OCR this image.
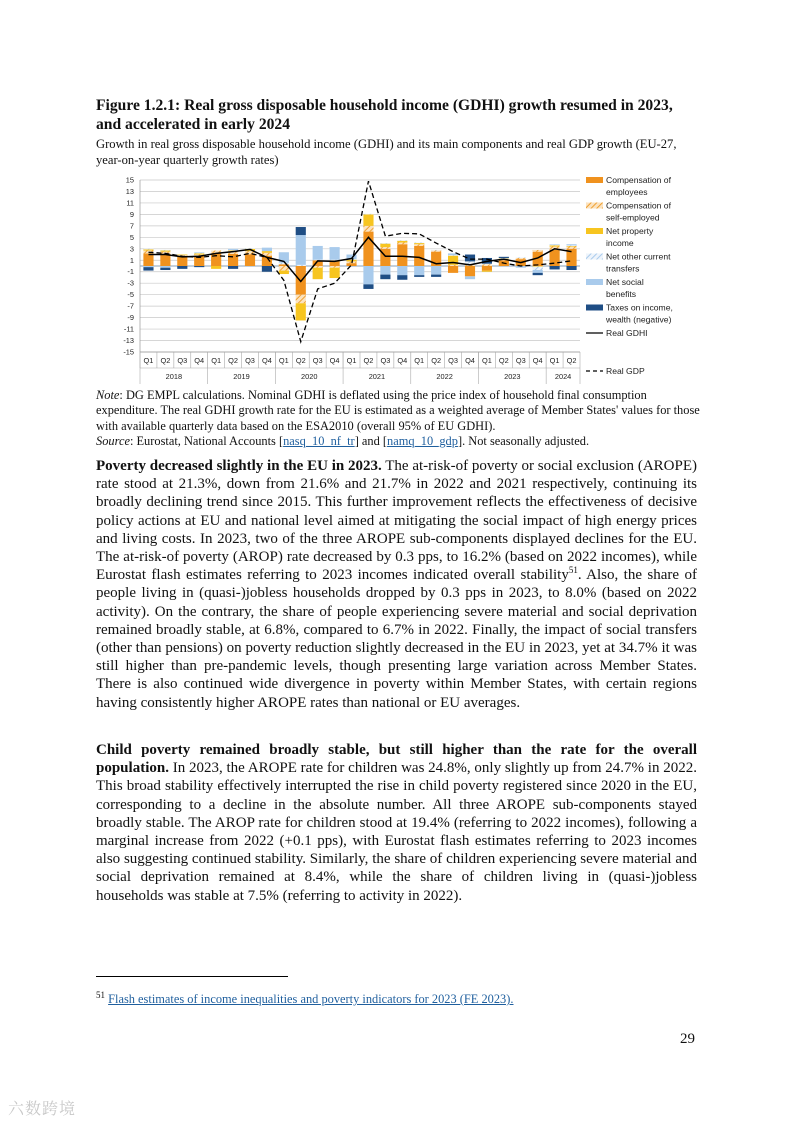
Figure 1.2.1: Real gross disposable household income (GDHI) growth resumed in 2023, and accelerated in early 2024
Growth in real gross disposable household income (GDHI) and its main components and real GDP growth (EU-27, year-on-year quarterly growth rates)
15
13
11
9
7
5
3
1
-1
-3
-5
-7
-9
-11
-13
-15
Q1 Q2 Q3 Q4 Q1 Q2 Q3 Q4 Q1 Q2 Q3 Q4 Q1 Q2 Q3 Q4 Q1 Q2 Q3 Q4 Q1 Q2 Q3 Q4 Q1 Q2
2018	2019	2020	2021	2022	2023	2024
Compensation of
employees
Compensation of
self-employed
Net property
income
Net other current
transfers
Net social
benefits
Taxes on income,
wealth (negative)
Real GDHI
Real GDP
Note: DG EMPL calculations. Nominal GDHI is deflated using the price index of household final consumption expenditure. The real GDHI growth rate for the EU is estimated as a weighted average of Member States' values for those with available quarterly data based on the ESA2010 (overall 95% of EU GDHI).
Source: Eurostat, National Accounts [nasq_10_nf_tr] and [namq_10_gdp]. Not seasonally adjusted.
Poverty decreased slightly in the EU in 2023. The at-risk-of poverty or social exclusion (AROPE) rate stood at 21.3%, down from 21.6% and 21.7% in 2022 and 2021 respectively, continuing its broadly declining trend since 2015. This further improvement reflects the effectiveness of decisive policy actions at EU and national level aimed at mitigating the social impact of high energy prices and living costs. In 2023, two of the three AROPE sub-components displayed declines for the EU. The at-risk-of poverty (AROP) rate decreased by 0.3 pps, to 16.2% (based on 2022 incomes), while Eurostat flash estimates referring to 2023 incomes indicated overall stability$^{51}$. Also, the share of people living in (quasi-)jobless households dropped by 0.3 pps in 2023, to 8.0% (based on 2022 activity). On the contrary, the share of people experiencing severe material and social deprivation remained broadly stable, at 6.8%, compared to 6.7% in 2022. Finally, the impact of social transfers (other than pensions) on poverty reduction slightly decreased in the EU in 2023, yet at 34.7% it was still higher than pre-pandemic levels, though presenting large variation across Member States. There is also continued wide divergence in poverty within Member States, with certain regions having consistently higher AROPE rates than national or EU averages.
Child poverty remained broadly stable, but still higher than the rate for the overall population. In 2023, the AROPE rate for children was 24.8%, only slightly up from 24.7% in 2022. This broad stability effectively interrupted the rise in child poverty registered since 2020 in the EU, corresponding to a decline in the absolute number. All three AROPE sub-components stayed broadly stable. The AROP rate for children stood at 19.4% (referring to 2022 incomes), following a marginal increase from 2022 (+0.1 pps), with Eurostat flash estimates referring to 2023 incomes also suggesting continued stability. Similarly, the share of children experiencing severe material and social deprivation remained at 8.4%, while the share of children living in (quasi-)jobless households was stable at 7.5% (referring to activity in 2022).
$^{51}$ Flash estimates of income inequalities and poverty indicators for 2023 (FE 2023).
29
六数跨境
